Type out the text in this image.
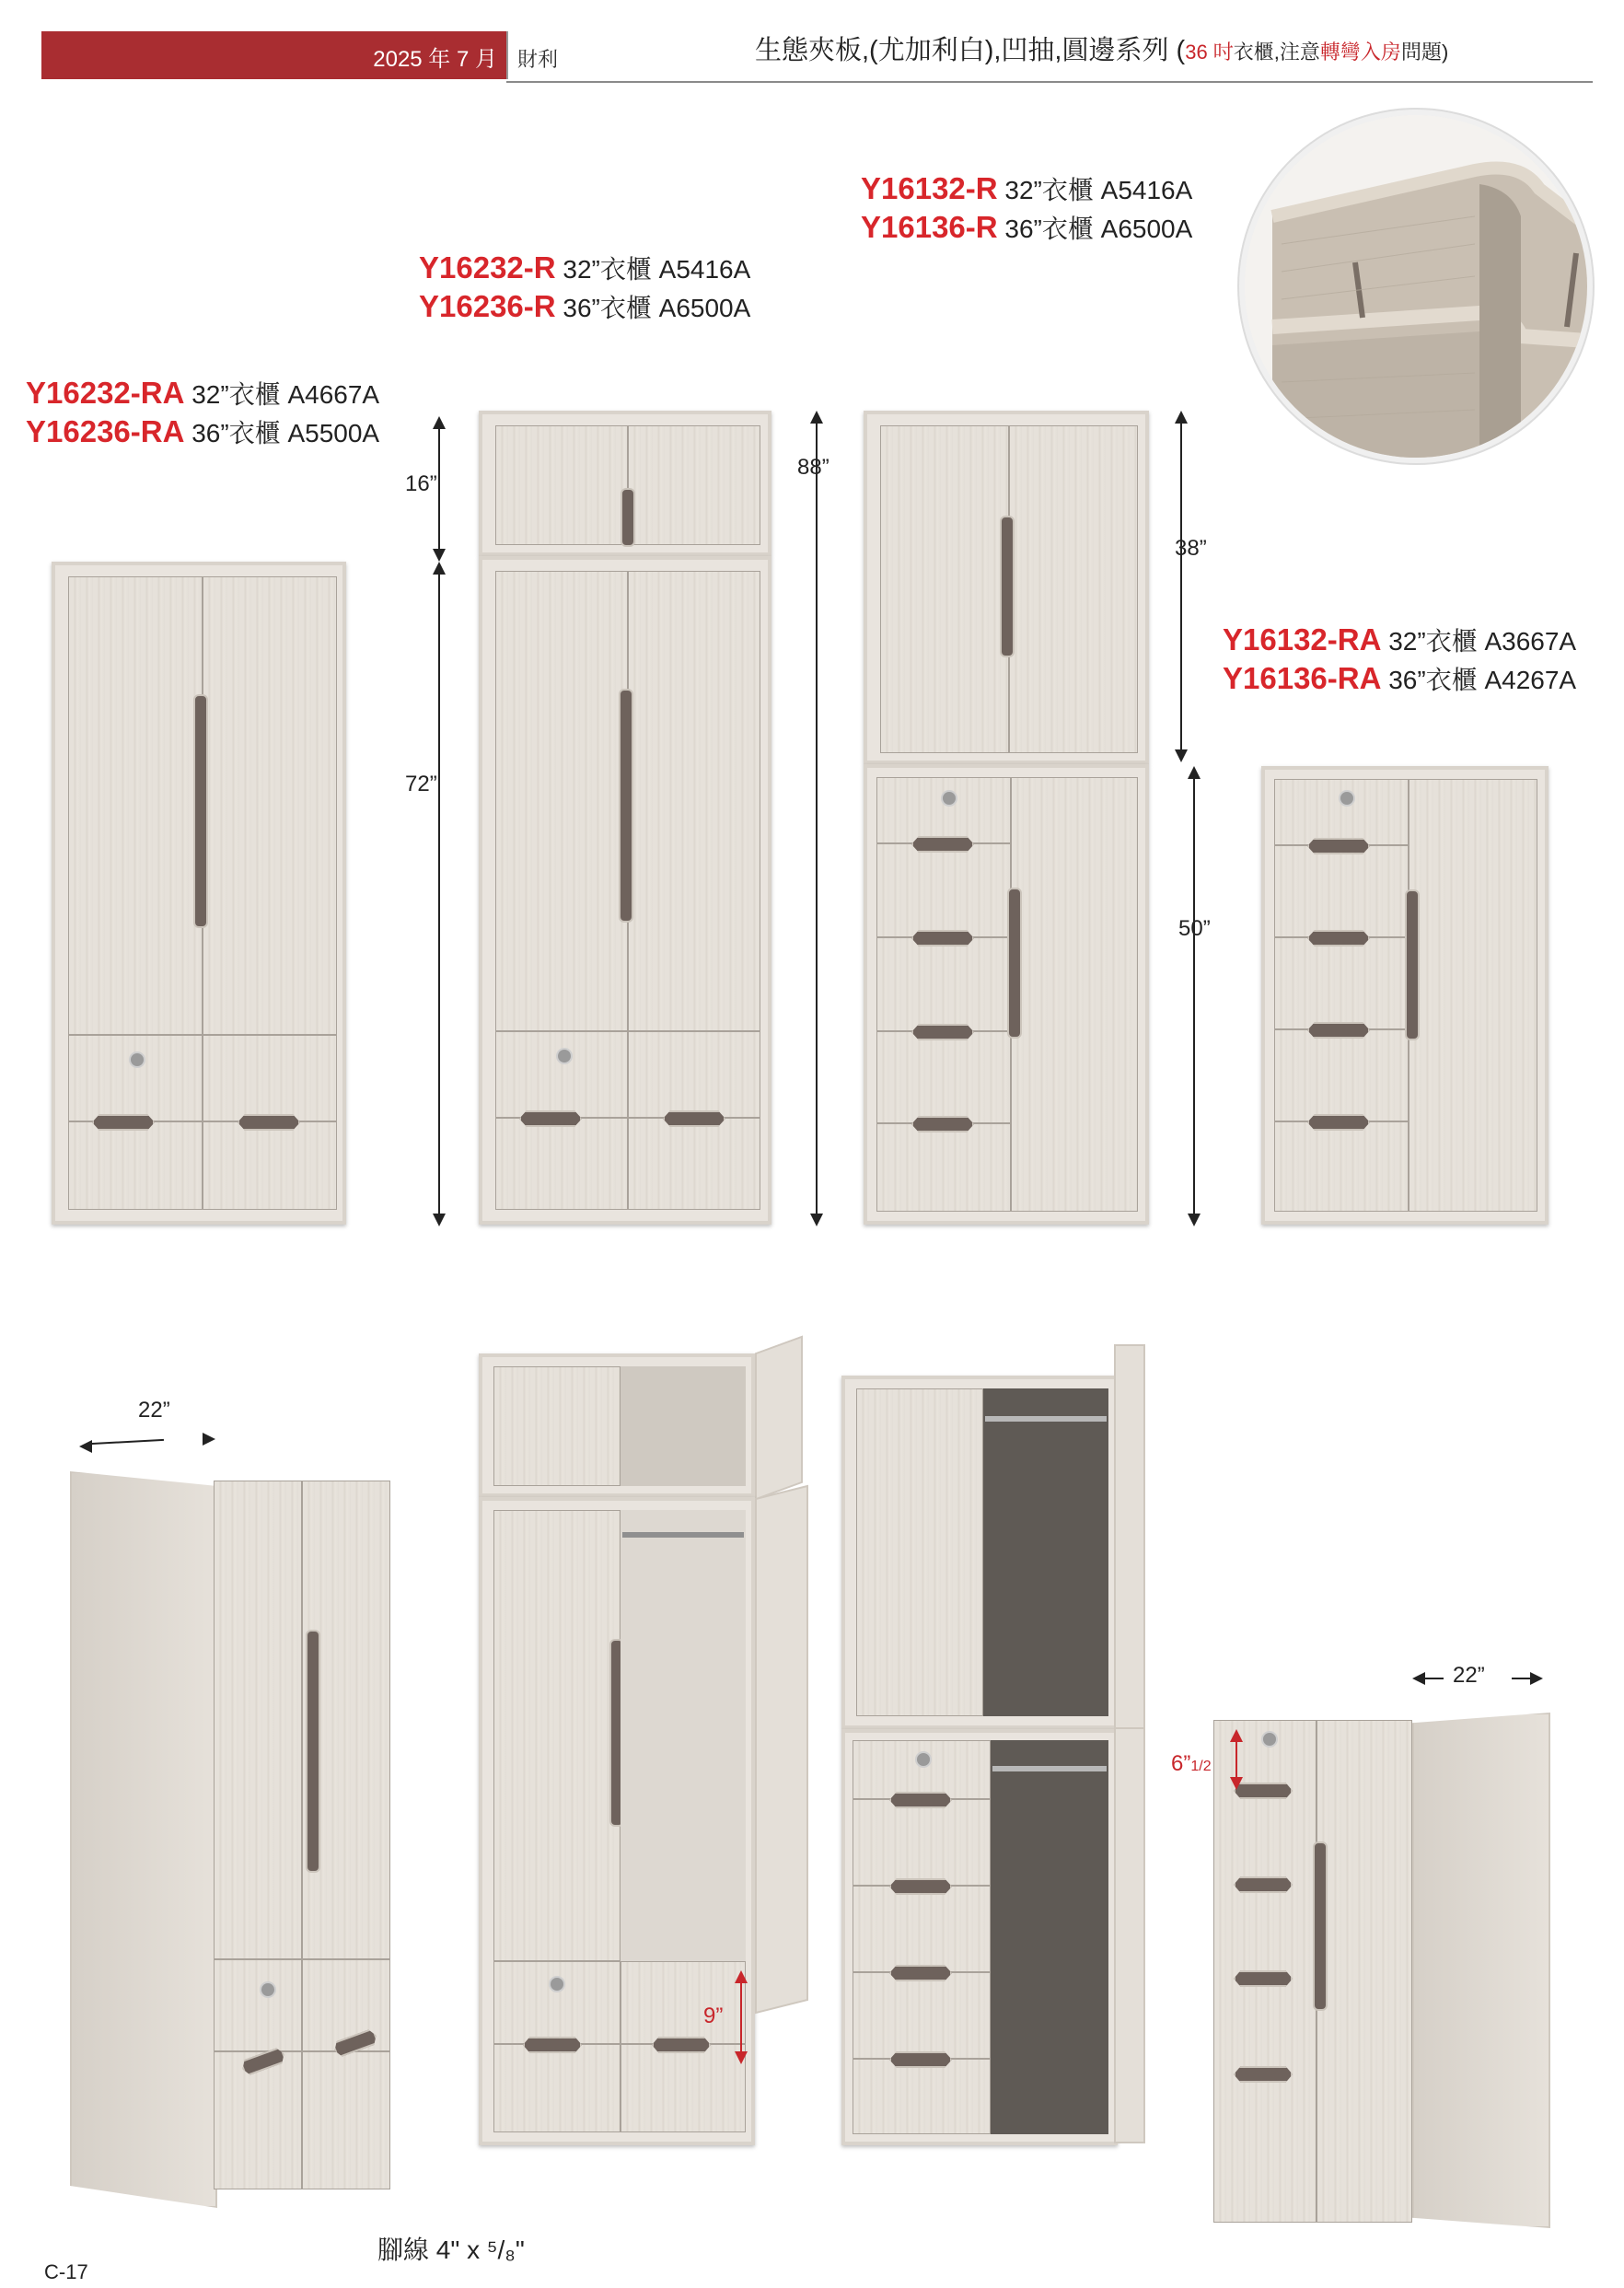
2025 年 7 月 財利	生態夾板,(尤加利白),凹抽,圓邊系列 (36 吋衣櫃,注意轉彎入房問題)
Y16232-RA 32”衣櫃 A4667A
Y16236-RA 36”衣櫃 A5500A
Y16232-R 32”衣櫃 A5416A
Y16236-R 36”衣櫃 A6500A
Y16132-R 32”衣櫃 A5416A
Y16136-R 36”衣櫃 A6500A
Y16132-RA 32”衣櫃 A3667A
Y16136-RA 36”衣櫃 A4267A
16”
72”
88”
38”
50”
22”
9”
22”
6”1/2
腳線 4" x ⁵/₈"
C-17
